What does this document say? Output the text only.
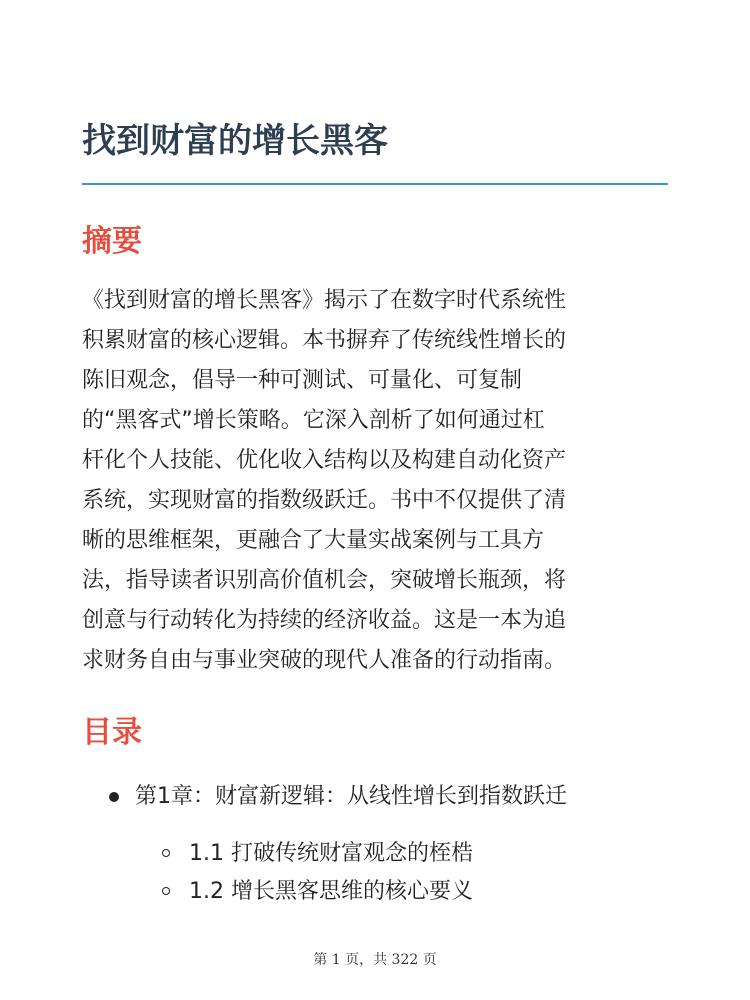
找到财富的增长黑客
摘要

《找到财富的增长黑客》揭示了在数字时代系统性
积累财富的核心逻辑。本书摒弃了传统线性增长的
陈旧观念，倡导一种可测试、可量化、可复制
的“黑客式”增长策略。它深入剖析了如何通过杠
杆化个人技能、优化收入结构以及构建自动化资产
系统，实现财富的指数级跃迁。书中不仅提供了清
晰的思维框架，更融合了大量实战案例与工具方
法，指导读者识别高价值机会，突破增长瓶颈，将
创意与行动转化为持续的经济收益。这是一本为追
求财务自由与事业突破的现代人准备的行动指南。

目录
第1章：财富新逻辑：从线性增长到指数跃迁
1.1 打破传统财富观念的桎梏
1.2 增长黑客思维的核心要义
第 1 页，共 322 页
